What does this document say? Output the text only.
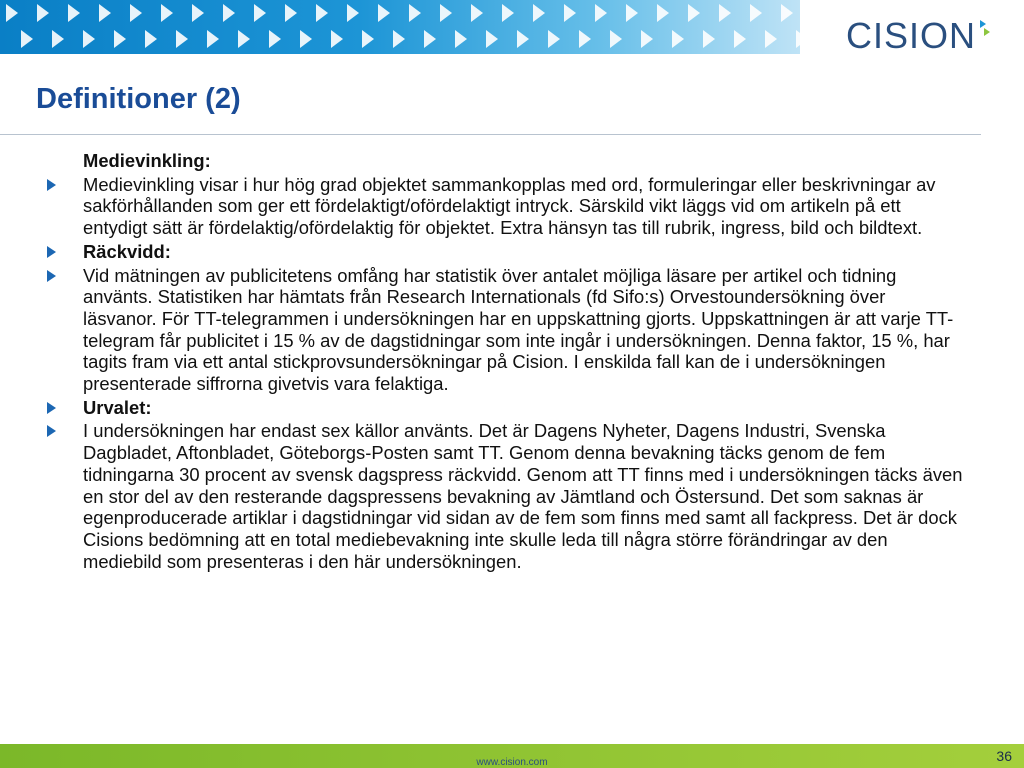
CISION
Definitioner (2)
Medievinkling:
Medievinkling visar i hur hög grad objektet sammankopplas med ord, formuleringar eller beskrivningar av sakförhållanden som ger ett fördelaktigt/ofördelaktigt intryck. Särskild vikt läggs vid om artikeln på ett entydigt sätt är fördelaktig/ofördelaktig för objektet. Extra hänsyn tas till rubrik, ingress, bild och bildtext.
Räckvidd:
Vid mätningen av publicitetens omfång har statistik över antalet möjliga läsare per artikel och tidning använts. Statistiken har hämtats från Research Internationals (fd Sifo:s) Orvestoundersökning över läsvanor. För TT-telegrammen i undersökningen har en uppskattning gjorts. Uppskattningen är att varje TT-telegram får publicitet i 15 % av de dagstidningar som inte ingår i undersökningen. Denna faktor, 15 %, har tagits fram via ett antal stickprovsundersökningar på Cision. I enskilda fall kan de i undersökningen presenterade siffrorna givetvis vara felaktiga.
Urvalet:
I undersökningen har endast sex källor använts. Det är Dagens Nyheter, Dagens Industri, Svenska Dagbladet, Aftonbladet, Göteborgs-Posten samt TT. Genom denna bevakning täcks genom de fem tidningarna 30 procent av svensk dagspress räckvidd. Genom att TT finns med i undersökningen täcks även en stor del av den resterande dagspressens bevakning av Jämtland och Östersund. Det som saknas är egenproducerade artiklar i dagstidningar vid sidan av de fem som finns med samt all fackpress. Det är dock Cisions bedömning att en total mediebevakning inte skulle leda till några större förändringar av den mediebild som presenteras i den här undersökningen.
www.cision.com	36
